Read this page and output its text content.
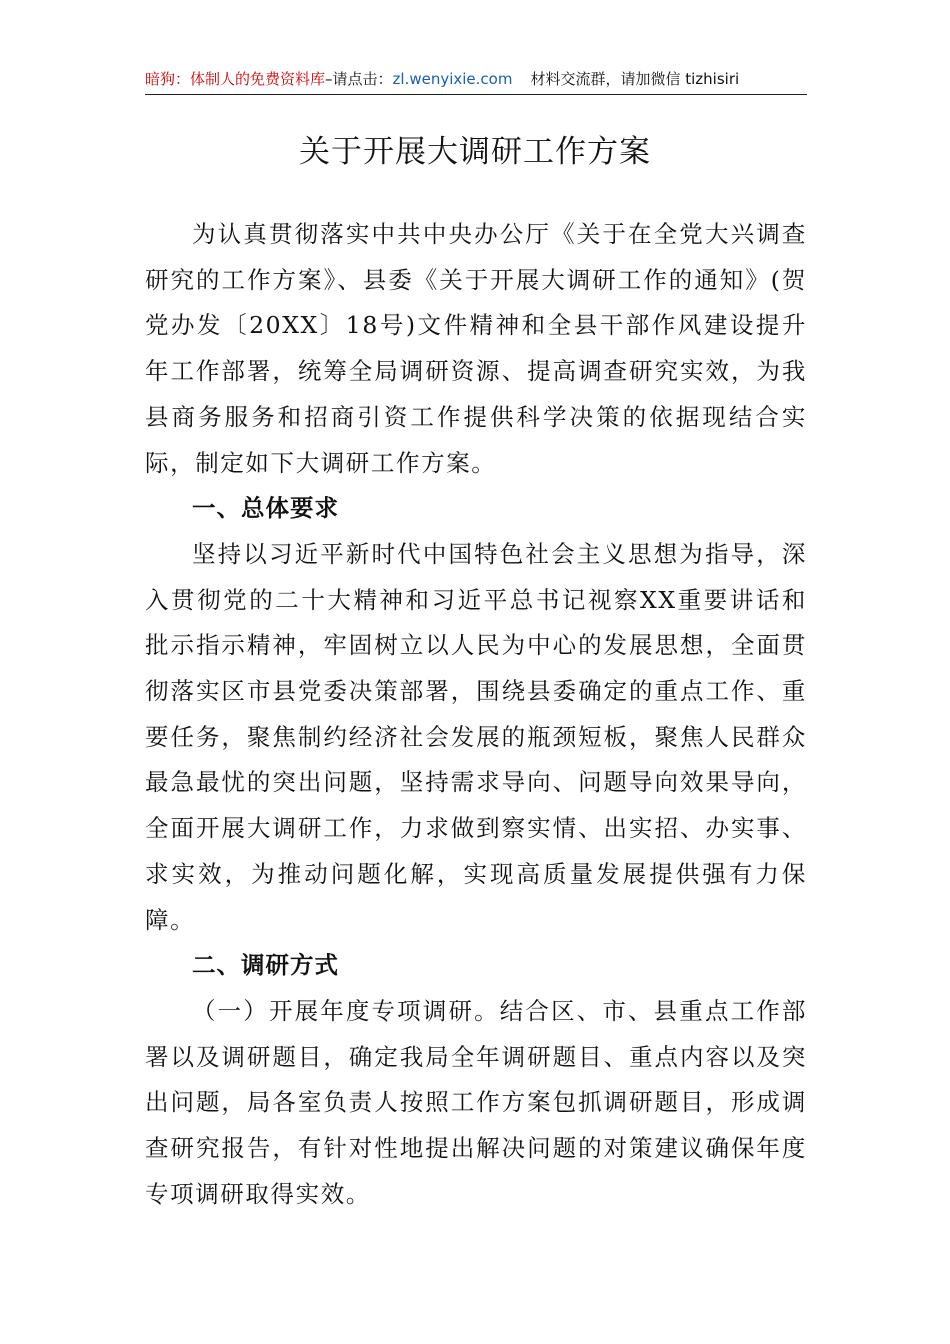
暗狗：体制人的免费资料库–请点击：zl.wenyixie.com 材料交流群，请加微信 tizhisiri
关于开展大调研工作方案

为认真贯彻落实中共中央办公厅《关于在全党大兴调查研究的工作方案》、县委《关于开展大调研工作的通知》(贺党办发〔20XX〕18号)文件精神和全县干部作风建设提升年工作部署，统筹全局调研资源、提高调查研究实效，为我县商务服务和招商引资工作提供科学决策的依据现结合实际，制定如下大调研工作方案。

一、总体要求

坚持以习近平新时代中国特色社会主义思想为指导，深入贯彻党的二十大精神和习近平总书记视察XX重要讲话和批示指示精神，牢固树立以人民为中心的发展思想，全面贯彻落实区市县党委决策部署，围绕县委确定的重点工作、重要任务，聚焦制约经济社会发展的瓶颈短板，聚焦人民群众最急最忧的突出问题，坚持需求导向、问题导向效果导向，全面开展大调研工作，力求做到察实情、出实招、办实事、求实效，为推动问题化解，实现高质量发展提供强有力保障。

二、调研方式

（一）开展年度专项调研。结合区、市、县重点工作部署以及调研题目，确定我局全年调研题目、重点内容以及突出问题，局各室负责人按照工作方案包抓调研题目，形成调查研究报告，有针对性地提出解决问题的对策建议确保年度专项调研取得实效。
